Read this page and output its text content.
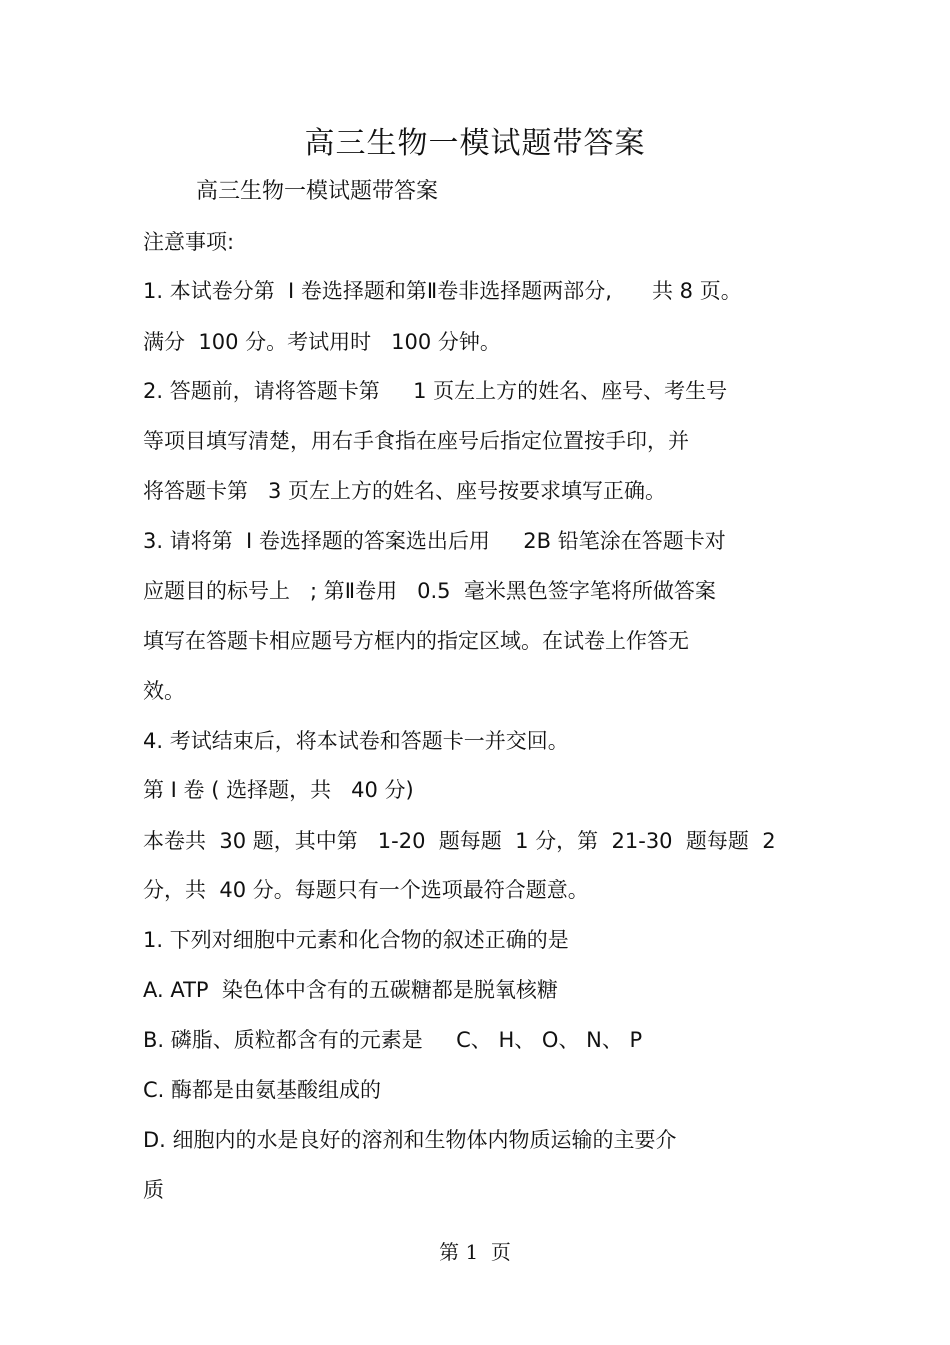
高三生物一模试题带答案

高三生物一模试题带答案

注意事项:

1. 本试卷分第  Ⅰ 卷选择题和第Ⅱ卷非选择题两部分,      共 8 页。

满分  100 分。考试用时   100 分钟。

2. 答题前，请将答题卡第     1 页左上方的姓名、座号、考生号

等项目填写清楚，用右手食指在座号后指定位置按手印，并

将答题卡第   3 页左上方的姓名、座号按要求填写正确。

3. 请将第  Ⅰ 卷选择题的答案选出后用     2B 铅笔涂在答题卡对

应题目的标号上   ; 第Ⅱ卷用   0.5  毫米黑色签字笔将所做答案

填写在答题卡相应题号方框内的指定区域。在试卷上作答无

效。

4. 考试结束后，将本试卷和答题卡一并交回。

第 Ⅰ 卷 ( 选择题，共   40 分)

本卷共  30 题，其中第   1-20  题每题  1 分，第  21-30  题每题  2

分，共  40 分。每题只有一个选项最符合题意。

1. 下列对细胞中元素和化合物的叙述正确的是

A. ATP  染色体中含有的五碳糖都是脱氧核糖

B. 磷脂、质粒都含有的元素是     C、 H、 O、 N、 P

C. 酶都是由氨基酸组成的

D. 细胞内的水是良好的溶剂和生物体内物质运输的主要介

质

第 1  页
